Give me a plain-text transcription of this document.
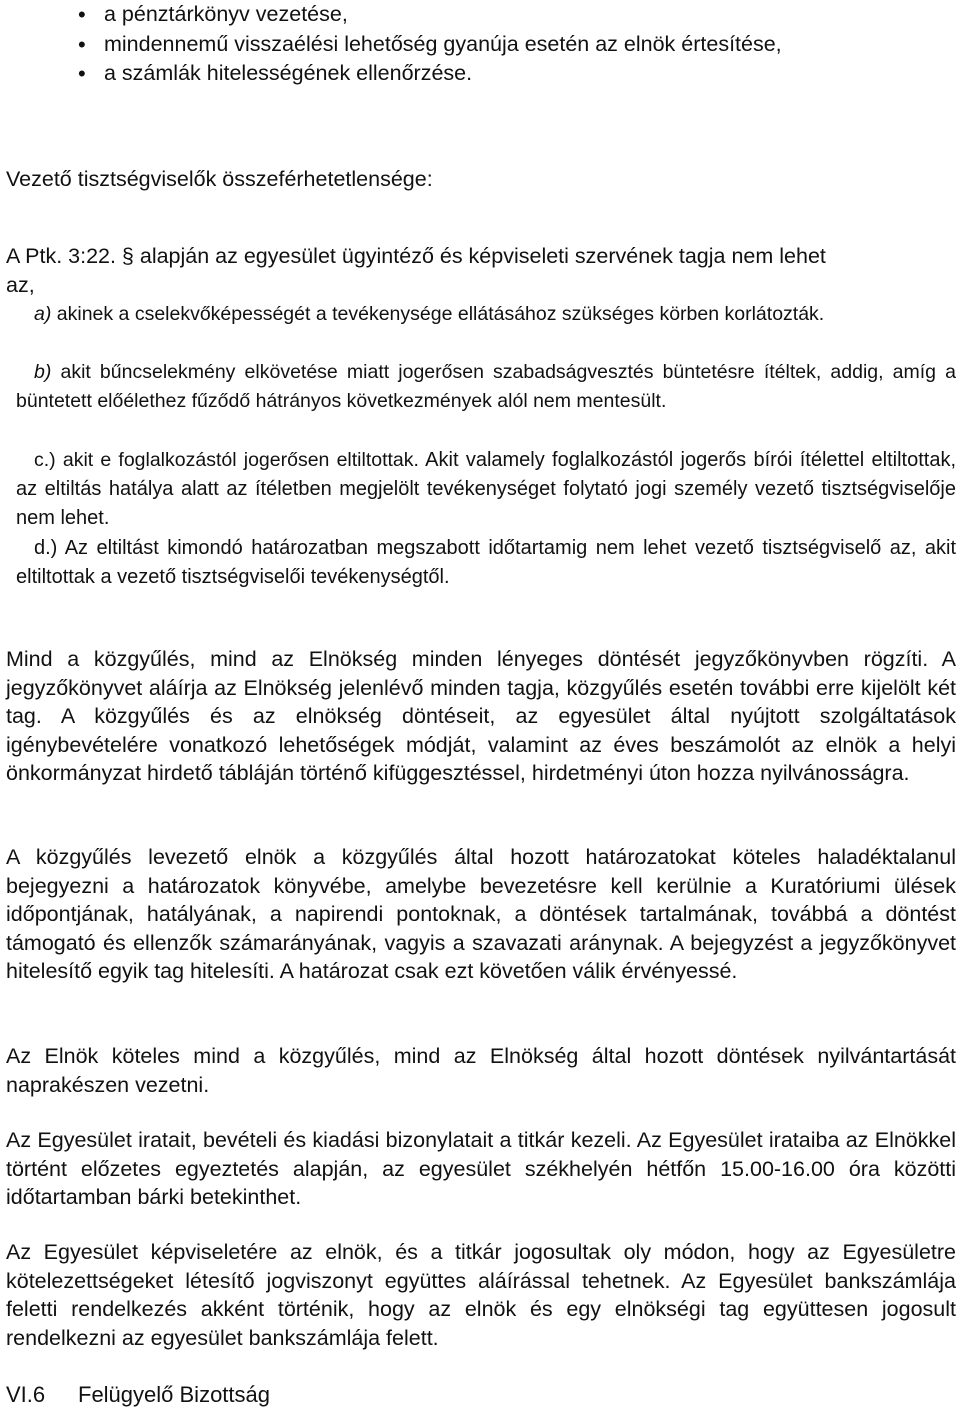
• a pénztárkönyv vezetése,
• mindennemű visszaélési lehetőség gyanúja esetén az elnök értesítése,
• a számlák hitelességének ellenőrzése.

Vezető tisztségviselők összeférhetetlensége:

A Ptk. 3:22. § alapján az egyesület ügyintéző és képviseleti szervének tagja nem lehet
az,

a) akinek a cselekvőképességét a tevékenysége ellátásához szükséges körben korlátozták.

b) akit bűncselekmény elkövetése miatt jogerősen szabadságvesztés büntetésre ítéltek, addig, amíg a büntetett előélethez fűződő hátrányos következmények alól nem mentesült.

c.) akit e foglalkozástól jogerősen eltiltottak. Akit valamely foglalkozástól jogerős bírói ítélettel eltiltottak, az eltiltás hatálya alatt az ítéletben megjelölt tevékenységet folytató jogi személy vezető tisztségviselője nem lehet.

d.) Az eltiltást kimondó határozatban megszabott időtartamig nem lehet vezető tisztségviselő az, akit eltiltottak a vezető tisztségviselői tevékenységtől.

Mind a közgyűlés, mind az Elnökség minden lényeges döntését jegyzőkönyvben rögzíti. A jegyzőkönyvet aláírja az Elnökség jelenlévő minden tagja, közgyűlés esetén további erre kijelölt két tag. A közgyűlés és az elnökség döntéseit, az egyesület által nyújtott szolgáltatások igénybevételére vonatkozó lehetőségek módját, valamint az éves beszámolót az elnök a helyi önkormányzat hirdető tábláján történő kifüggesztéssel, hirdetményi úton hozza nyilvánosságra.

A közgyűlés levezető elnök a közgyűlés által hozott határozatokat köteles haladéktalanul bejegyezni a határozatok könyvébe, amelybe bevezetésre kell kerülnie a Kuratóriumi ülések időpontjának, hatályának, a napirendi pontoknak, a döntések tartalmának, továbbá a döntést támogató és ellenzők számarányának, vagyis a szavazati aránynak. A bejegyzést a jegyzőkönyvet hitelesítő egyik tag hitelesíti. A határozat csak ezt követően válik érvényessé.

Az Elnök köteles mind a közgyűlés, mind az Elnökség által hozott döntések nyilvántartását naprakészen vezetni.

Az Egyesület iratait, bevételi és kiadási bizonylatait a titkár kezeli. Az Egyesület irataiba az Elnökkel történt előzetes egyeztetés alapján, az egyesület székhelyén hétfőn 15.00-16.00 óra közötti időtartamban bárki betekinthet.

Az Egyesület képviseletére az elnök, és a titkár jogosultak oly módon, hogy az Egyesületre kötelezettségeket létesítő jogviszonyt együttes aláírással tehetnek. Az Egyesület bankszámlája feletti rendelkezés akként történik, hogy az elnök és egy elnökségi tag együttesen jogosult rendelkezni az egyesület bankszámlája felett.

VI.6 Felügyelő Bizottság
